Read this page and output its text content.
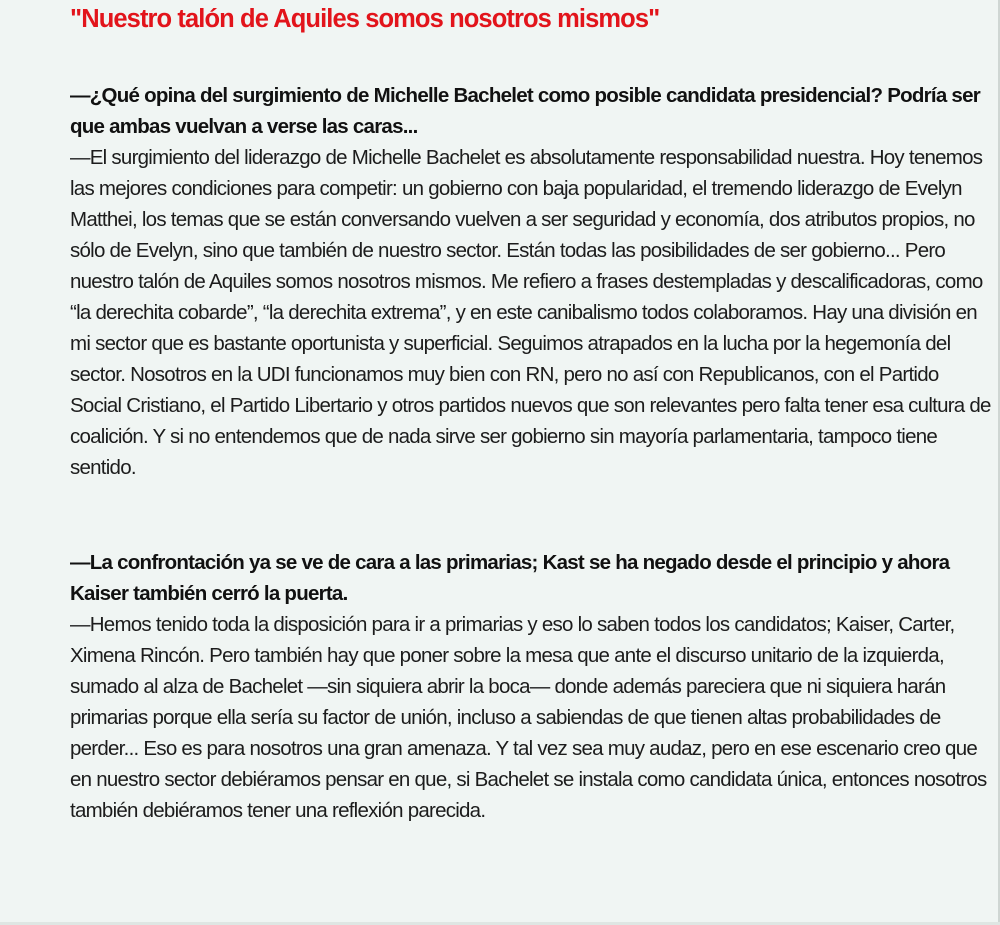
"Nuestro talón de Aquiles somos nosotros mismos"

—¿Qué opina del surgimiento de Michelle Bachelet como posible candidata presidencial? Podría ser que ambas vuelvan a verse las caras...

—El surgimiento del liderazgo de Michelle Bachelet es absolutamente responsabilidad nuestra. Hoy tenemos las mejores condiciones para competir: un gobierno con baja popularidad, el tremendo liderazgo de Evelyn Matthei, los temas que se están conversando vuelven a ser seguridad y economía, dos atributos propios, no sólo de Evelyn, sino que también de nuestro sector. Están todas las posibilidades de ser gobierno... Pero nuestro talón de Aquiles somos nosotros mismos. Me refiero a frases destempladas y descalificadoras, como “la derechita cobarde”, “la derechita extrema”, y en este canibalismo todos colaboramos. Hay una división en mi sector que es bastante oportunista y superficial. Seguimos atrapados en la lucha por la hegemonía del sector. Nosotros en la UDI funcionamos muy bien con RN, pero no así con Republicanos, con el Partido Social Cristiano, el Partido Libertario y otros partidos nuevos que son relevantes pero falta tener esa cultura de coalición. Y si no entendemos que de nada sirve ser gobierno sin mayoría parlamentaria, tampoco tiene sentido.

—La confrontación ya se ve de cara a las primarias; Kast se ha negado desde el principio y ahora Kaiser también cerró la puerta.

—Hemos tenido toda la disposición para ir a primarias y eso lo saben todos los candidatos; Kaiser, Carter, Ximena Rincón. Pero también hay que poner sobre la mesa que ante el discurso unitario de la izquierda, sumado al alza de Bachelet —sin siquiera abrir la boca— donde además pareciera que ni siquiera harán primarias porque ella sería su factor de unión, incluso a sabiendas de que tienen altas probabilidades de perder... Eso es para nosotros una gran amenaza. Y tal vez sea muy audaz, pero en ese escenario creo que en nuestro sector debiéramos pensar en que, si Bachelet se instala como candidata única, entonces nosotros también debiéramos tener una reflexión parecida.
